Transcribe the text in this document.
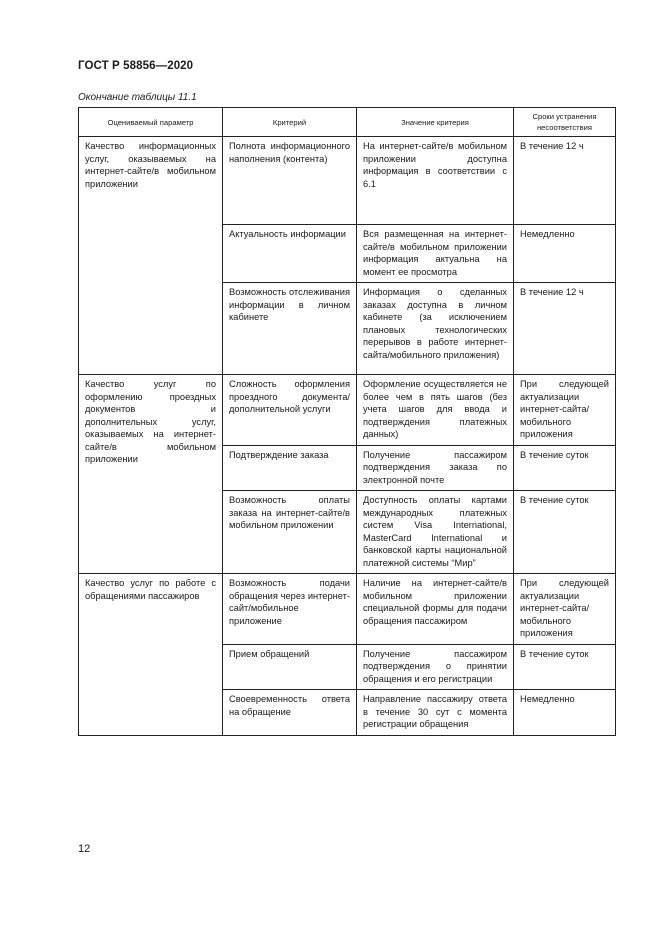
ГОСТ Р 58856—2020
Окончание таблицы 11.1
Оцениваемый параметр	Критерий	Значение критерия	Сроки устранения несоответствия
Качество информационных услуг, оказываемых на интернет-сайте/в мобильном приложении	Полнота информационного наполнения (контента)	На интернет-сайте/в мобильном приложении доступна информация в соответствии с 6.1	В течение 12 ч
	Актуальность информации	Вся размещенная на интернет-сайте/в мобильном приложении информация актуальна на момент ее просмотра	Немедленно
	Возможность отслеживания информации в личном кабинете	Информация о сделанных заказах доступна в личном кабинете (за исключением плановых технологических перерывов в работе интернет-сайта/мобильного приложения)	В течение 12 ч
Качество услуг по оформлению проездных документов и дополнительных услуг, оказываемых на интернет-сайте/в мобильном приложении	Сложность оформления проездного документа/дополнительной услуги	Оформление осуществляется не более чем в пять шагов (без учета шагов для ввода и подтверждения платежных данных)	При следующей актуализации интернет-сайта/мобильного приложения
	Подтверждение заказа	Получение пассажиром подтверждения заказа по электронной почте	В течение суток
	Возможность оплаты заказа на интернет-сайте/в мобильном приложении	Доступность оплаты картами международных платежных систем Visa International, MasterCard International и банковской карты национальной платежной системы “Мир”	В течение суток
Качество услуг по работе с обращениями пассажиров	Возможность подачи обращения через интернет-сайт/мобильное приложение	Наличие на интернет-сайте/в мобильном приложении специальной формы для подачи обращения пассажиром	При следующей актуализации интернет-сайта/мобильного приложения
	Прием обращений	Получение пассажиром подтверждения о принятии обращения и его регистрации	В течение суток
	Своевременность ответа на обращение	Направление пассажиру ответа в течение 30 сут с момента регистрации обращения	Немедленно
12
